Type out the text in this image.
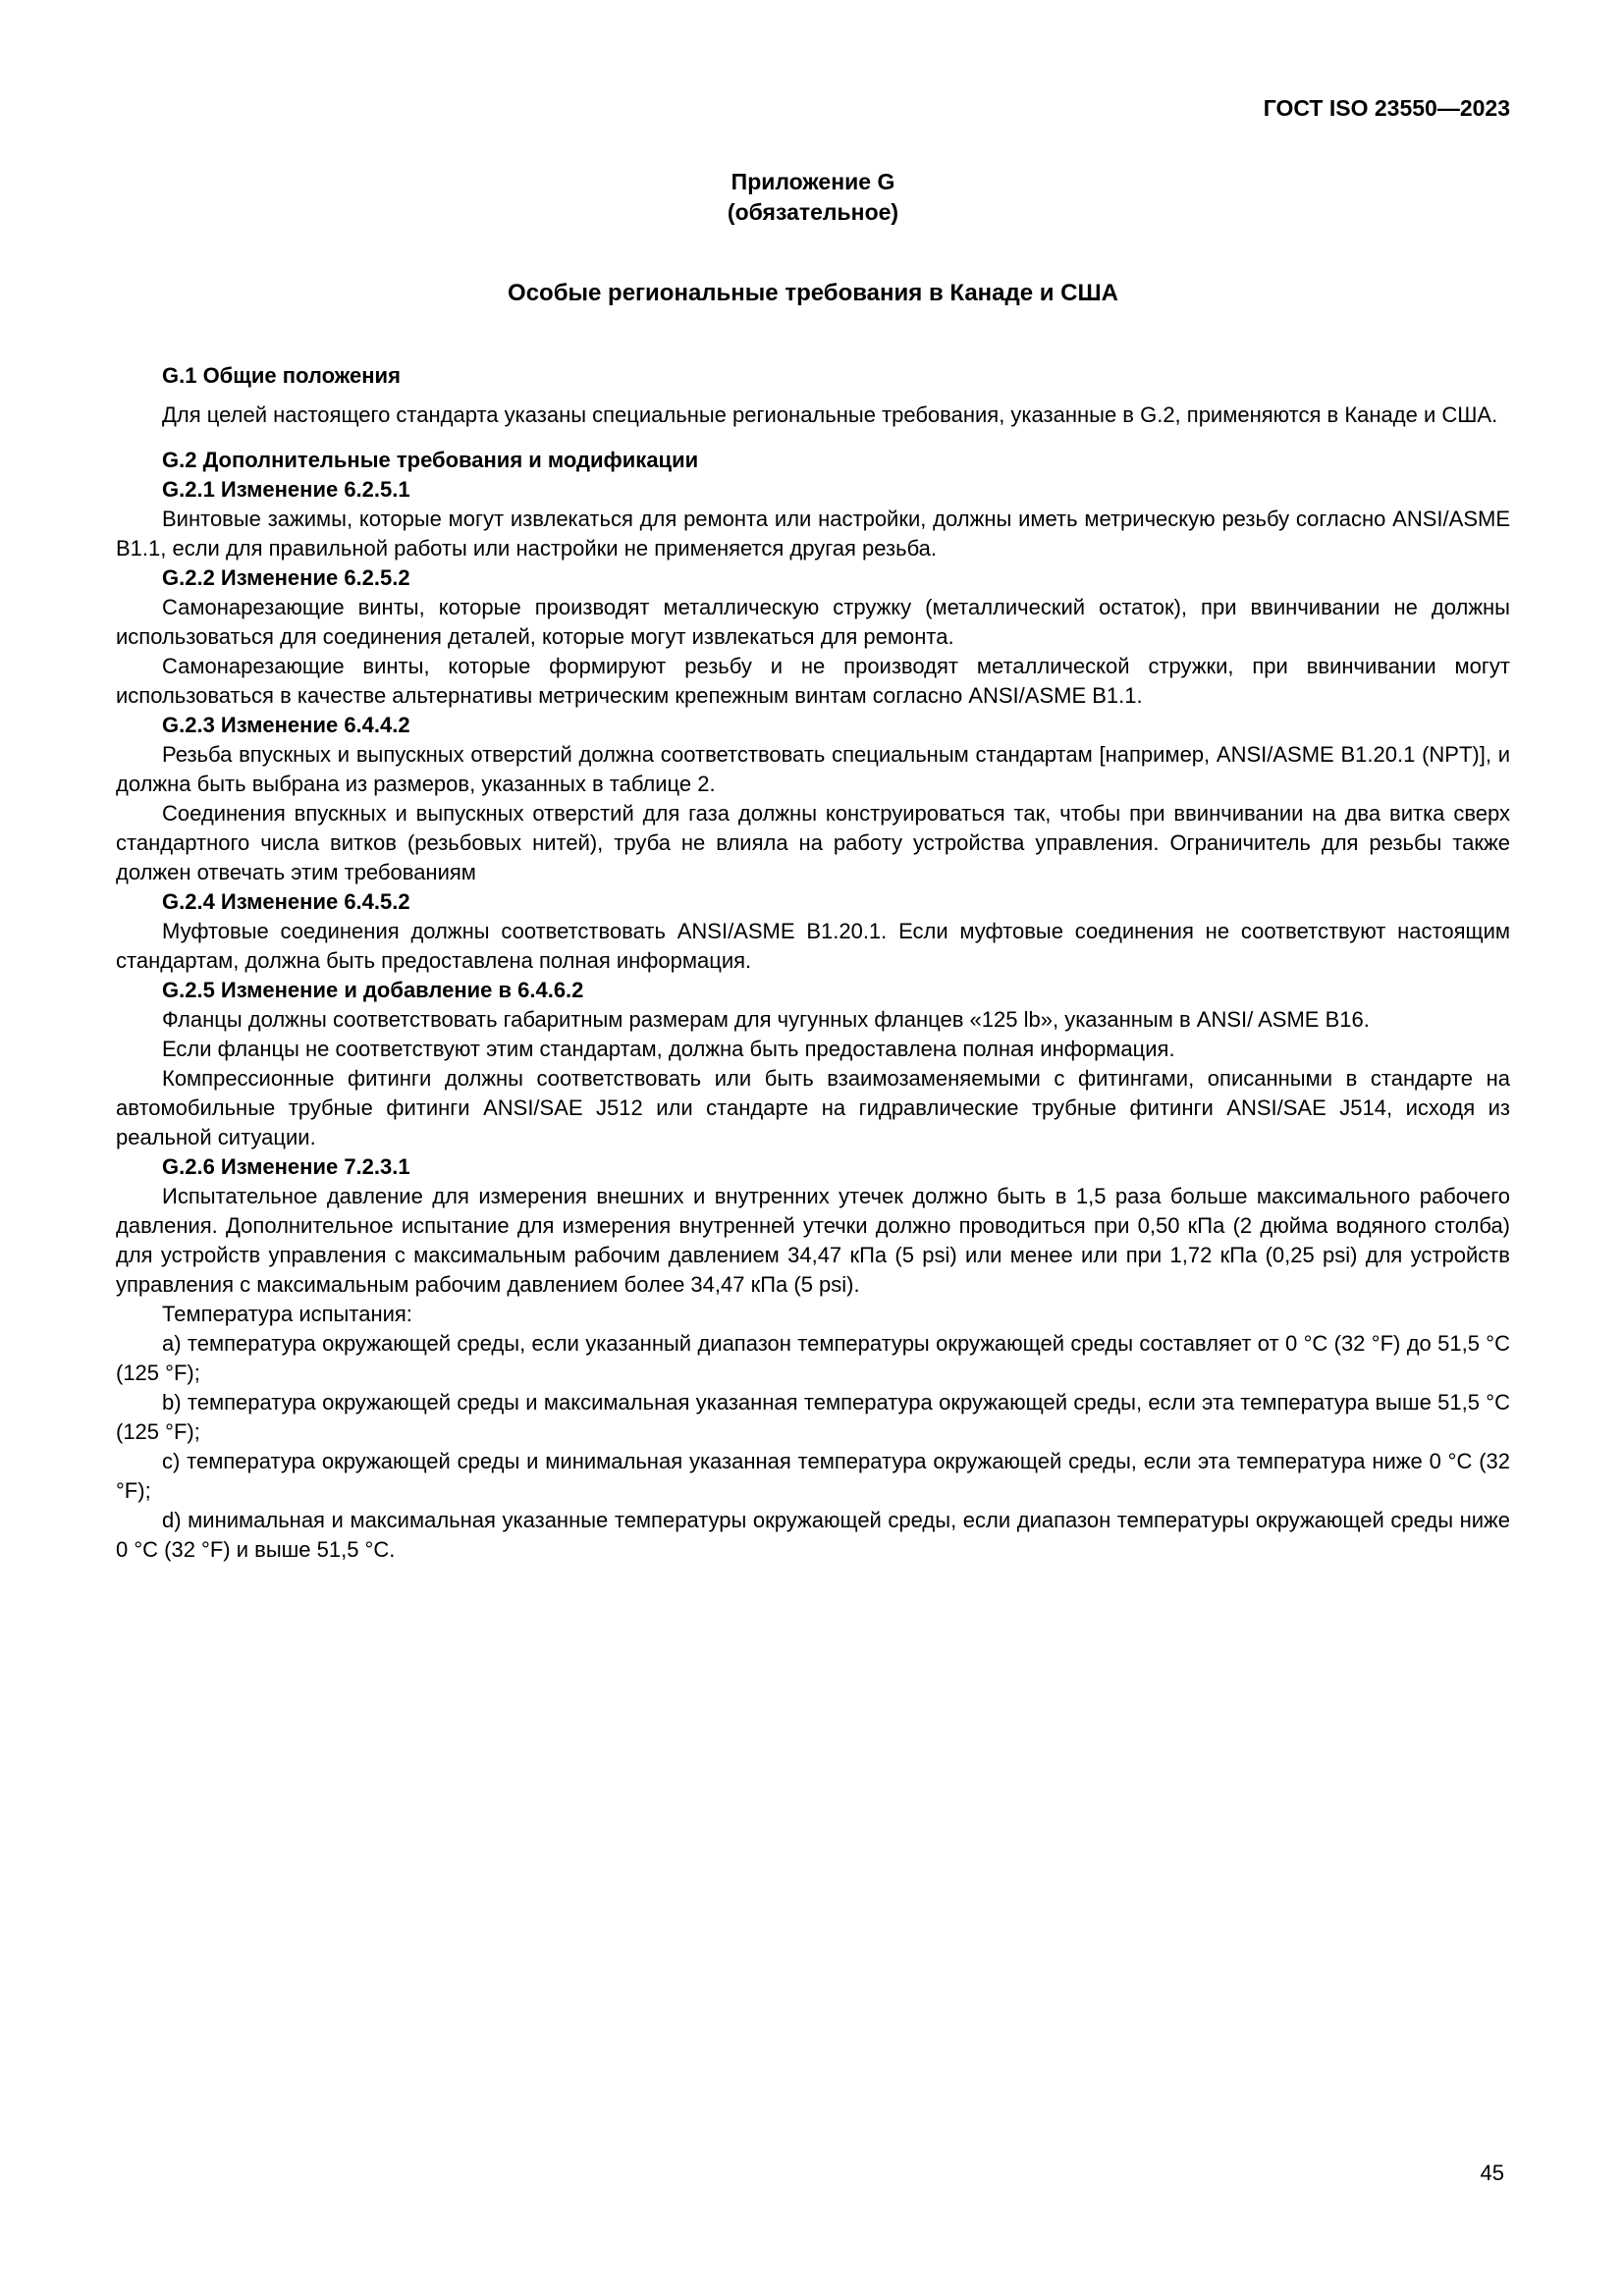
ГОСТ ISO 23550—2023

Приложение G

(обязательное)

Особые региональные требования в Канаде и США

G.1 Общие положения

Для целей настоящего стандарта указаны специальные региональные требования, указанные в G.2, применяются в Канаде и США.

G.2 Дополнительные требования и модификации

G.2.1 Изменение 6.2.5.1

Винтовые зажимы, которые могут извлекаться для ремонта или настройки, должны иметь метрическую резьбу согласно ANSI/ASME B1.1, если для правильной работы или настройки не применяется другая резьба.

G.2.2 Изменение 6.2.5.2

Самонарезающие винты, которые производят металлическую стружку (металлический остаток), при ввинчивании не должны использоваться для соединения деталей, которые могут извлекаться для ремонта.

Самонарезающие винты, которые формируют резьбу и не производят металлической стружки, при ввинчивании могут использоваться в качестве альтернативы метрическим крепежным винтам согласно ANSI/ASME B1.1.

G.2.3 Изменение 6.4.4.2

Резьба впускных и выпускных отверстий должна соответствовать специальным стандартам [например, ANSI/ASME B1.20.1 (NPT)], и должна быть выбрана из размеров, указанных в таблице 2.

Соединения впускных и выпускных отверстий для газа должны конструироваться так, чтобы при ввинчивании на два витка сверх стандартного числа витков (резьбовых нитей), труба не влияла на работу устройства управления. Ограничитель для резьбы также должен отвечать этим требованиям

G.2.4 Изменение 6.4.5.2

Муфтовые соединения должны соответствовать ANSI/ASME B1.20.1. Если муфтовые соединения не соответствуют настоящим стандартам, должна быть предоставлена полная информация.

G.2.5 Изменение и добавление в 6.4.6.2

Фланцы должны соответствовать габаритным размерам для чугунных фланцев «125 lb», указанным в ANSI/ ASME B16.

Если фланцы не соответствуют этим стандартам, должна быть предоставлена полная информация.

Компрессионные фитинги должны соответствовать или быть взаимозаменяемыми с фитингами, описанными в стандарте на автомобильные трубные фитинги ANSI/SAE J512 или стандарте на гидравлические трубные фитинги ANSI/SAE J514, исходя из реальной ситуации.

G.2.6 Изменение 7.2.3.1

Испытательное давление для измерения внешних и внутренних утечек должно быть в 1,5 раза больше максимального рабочего давления. Дополнительное испытание для измерения внутренней утечки должно проводиться при 0,50 кПа (2 дюйма водяного столба) для устройств управления с максимальным рабочим давлением 34,47 кПа (5 psi) или менее или при 1,72 кПа (0,25 psi) для устройств управления с максимальным рабочим давлением более 34,47 кПа (5 psi).

Температура испытания:

a) температура окружающей среды, если указанный диапазон температуры окружающей среды составляет от 0 °C (32 °F) до 51,5 °C (125 °F);

b) температура окружающей среды и максимальная указанная температура окружающей среды, если эта температура выше 51,5 °C (125 °F);

c) температура окружающей среды и минимальная указанная температура окружающей среды, если эта температура ниже 0 °C (32 °F);

d) минимальная и максимальная указанные температуры окружающей среды, если диапазон температуры окружающей среды ниже 0 °C (32 °F) и выше 51,5 °C.

45
